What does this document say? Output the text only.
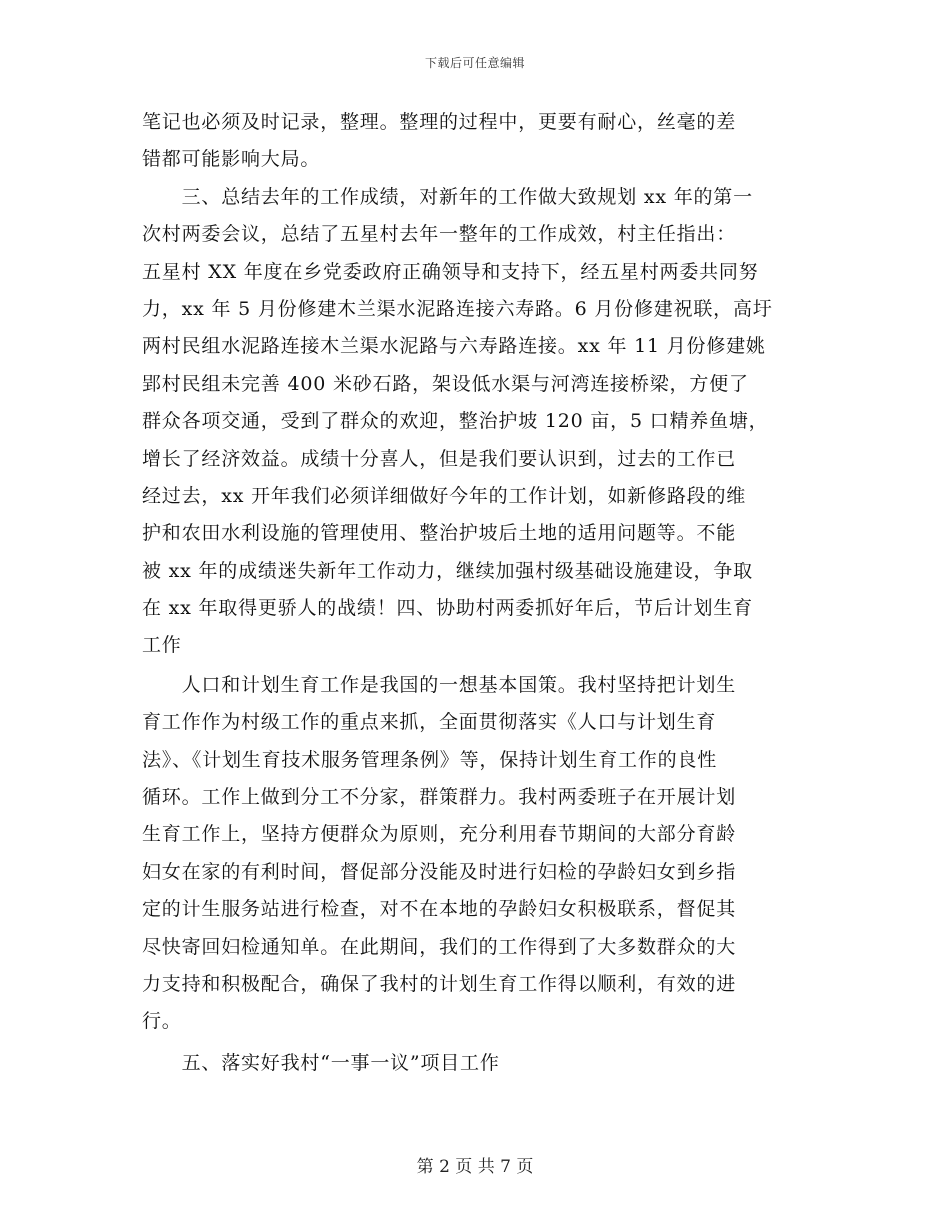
下载后可任意编辑
笔记也必须及时记录，整理。整理的过程中，更要有耐心，丝毫的差
错都可能影响大局。
　　三、总结去年的工作成绩，对新年的工作做大致规划 xx 年的第一
次村两委会议，总结了五星村去年一整年的工作成效，村主任指出：
五星村 XX 年度在乡党委政府正确领导和支持下，经五星村两委共同努
力，xx 年 5 月份修建木兰渠水泥路连接六寿路。6 月份修建祝联，高圩
两村民组水泥路连接木兰渠水泥路与六寿路连接。xx 年 11 月份修建姚
郢村民组未完善 400 米砂石路，架设低水渠与河湾连接桥梁，方便了
群众各项交通，受到了群众的欢迎，整治护坡 120 亩，5 口精养鱼塘，
增长了经济效益。成绩十分喜人，但是我们要认识到，过去的工作已
经过去，xx 开年我们必须详细做好今年的工作计划，如新修路段的维
护和农田水利设施的管理使用、整治护坡后土地的适用问题等。不能
被 xx 年的成绩迷失新年工作动力，继续加强村级基础设施建设，争取
在 xx 年取得更骄人的战绩！四、协助村两委抓好年后，节后计划生育
工作
　　人口和计划生育工作是我国的一想基本国策。我村坚持把计划生
育工作作为村级工作的重点来抓，全面贯彻落实《人口与计划生育
法》、《计划生育技术服务管理条例》等，保持计划生育工作的良性
循环。工作上做到分工不分家，群策群力。我村两委班子在开展计划
生育工作上，坚持方便群众为原则，充分利用春节期间的大部分育龄
妇女在家的有利时间，督促部分没能及时进行妇检的孕龄妇女到乡指
定的计生服务站进行检查，对不在本地的孕龄妇女积极联系，督促其
尽快寄回妇检通知单。在此期间，我们的工作得到了大多数群众的大
力支持和积极配合，确保了我村的计划生育工作得以顺利，有效的进
行。
　　五、落实好我村“一事一议”项目工作
第 2 页 共 7 页
